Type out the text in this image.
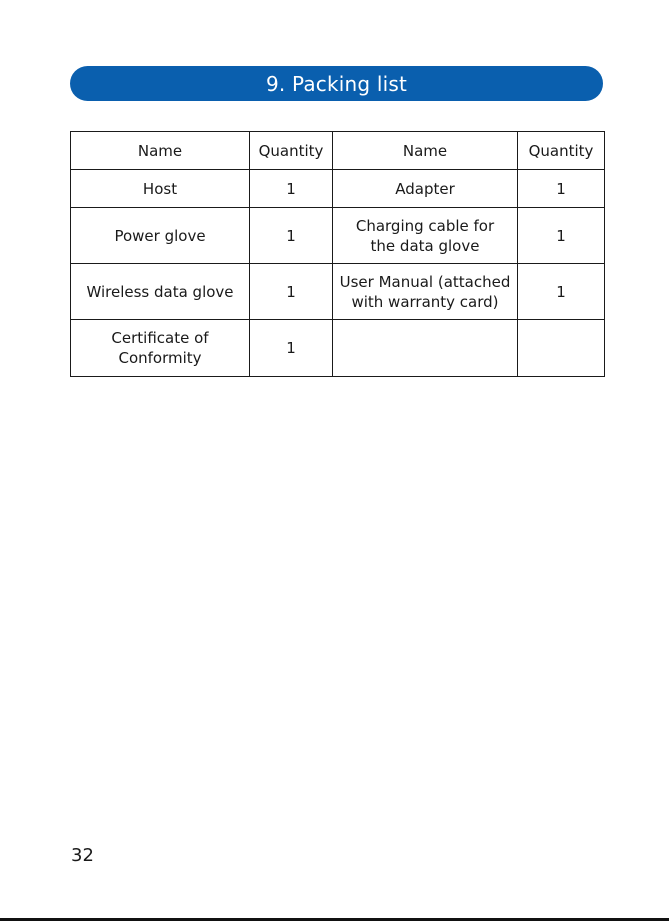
9. Packing list
Name	Quantity	Name	Quantity
Host	1	Adapter	1
Power glove	1	Charging cable for the data glove	1
Wireless data glove	1	User Manual (attached with warranty card)	1
Certificate of Conformity	1		
32
